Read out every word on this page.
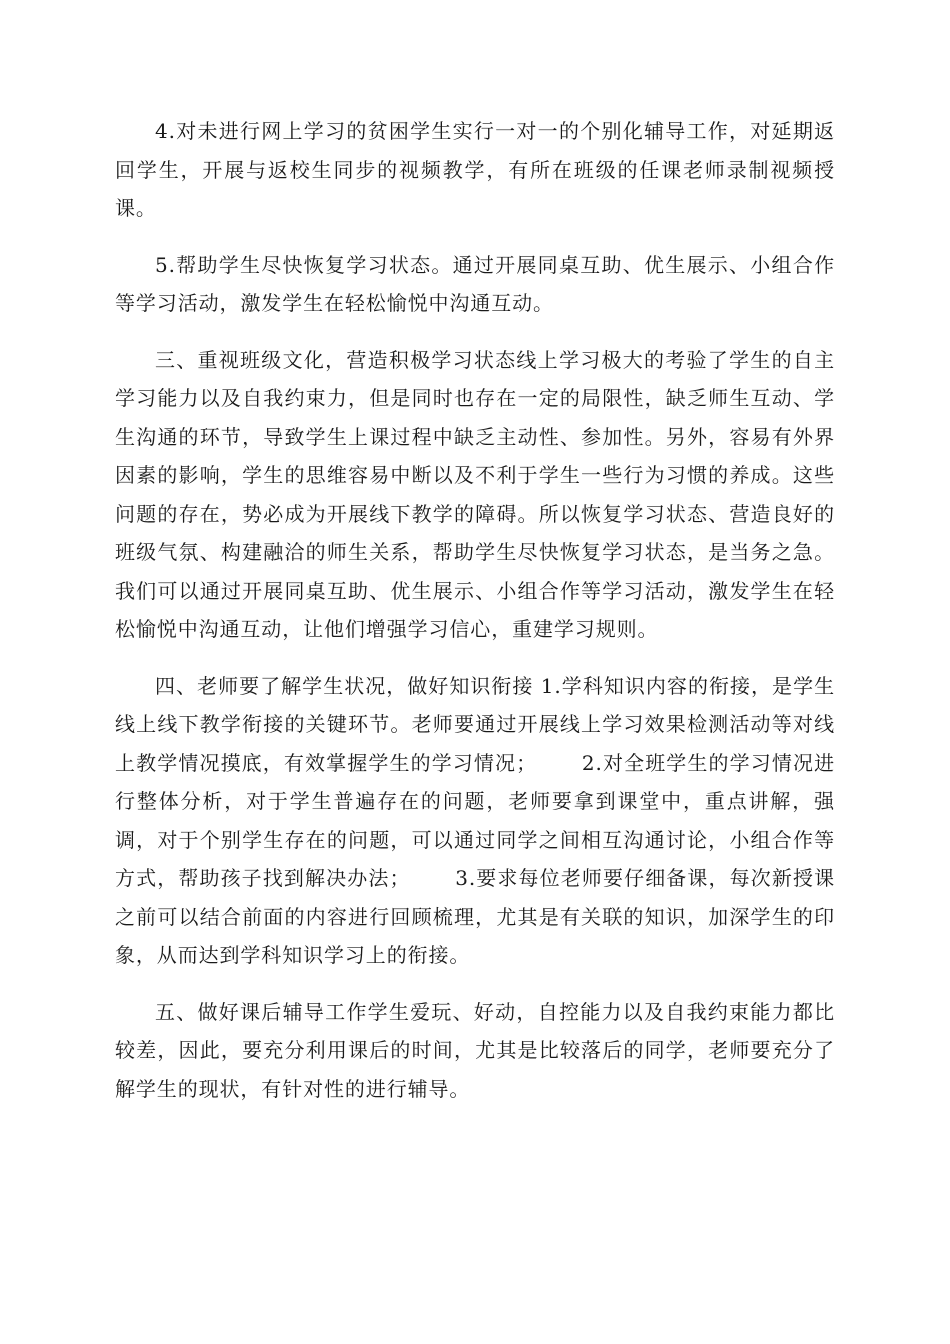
4.对未进行网上学习的贫困学生实行一对一的个别化辅导工作，对延期返回学生，开展与返校生同步的视频教学，有所在班级的任课老师录制视频授课。

5.帮助学生尽快恢复学习状态。通过开展同桌互助、优生展示、小组合作等学习活动，激发学生在轻松愉悦中沟通互动。

三、重视班级文化，营造积极学习状态线上学习极大的考验了学生的自主学习能力以及自我约束力，但是同时也存在一定的局限性，缺乏师生互动、学生沟通的环节，导致学生上课过程中缺乏主动性、参加性。另外，容易有外界因素的影响，学生的思维容易中断以及不利于学生一些行为习惯的养成。这些问题的存在，势必成为开展线下教学的障碍。所以恢复学习状态、营造良好的班级气氛、构建融洽的师生关系，帮助学生尽快恢复学习状态，是当务之急。我们可以通过开展同桌互助、优生展示、小组合作等学习活动，激发学生在轻松愉悦中沟通互动，让他们增强学习信心，重建学习规则。

四、老师要了解学生状况，做好知识衔接 1.学科知识内容的衔接，是学生线上线下教学衔接的关键环节。老师要通过开展线上学习效果检测活动等对线上教学情况摸底，有效掌握学生的学习情况；      2.对全班学生的学习情况进行整体分析，对于学生普遍存在的问题，老师要拿到课堂中，重点讲解，强调，对于个别学生存在的问题，可以通过同学之间相互沟通讨论，小组合作等方式，帮助孩子找到解决办法；      3.要求每位老师要仔细备课，每次新授课之前可以结合前面的内容进行回顾梳理，尤其是有关联的知识，加深学生的印象，从而达到学科知识学习上的衔接。

五、做好课后辅导工作学生爱玩、好动，自控能力以及自我约束能力都比较差，因此，要充分利用课后的时间，尤其是比较落后的同学，老师要充分了解学生的现状，有针对性的进行辅导。
